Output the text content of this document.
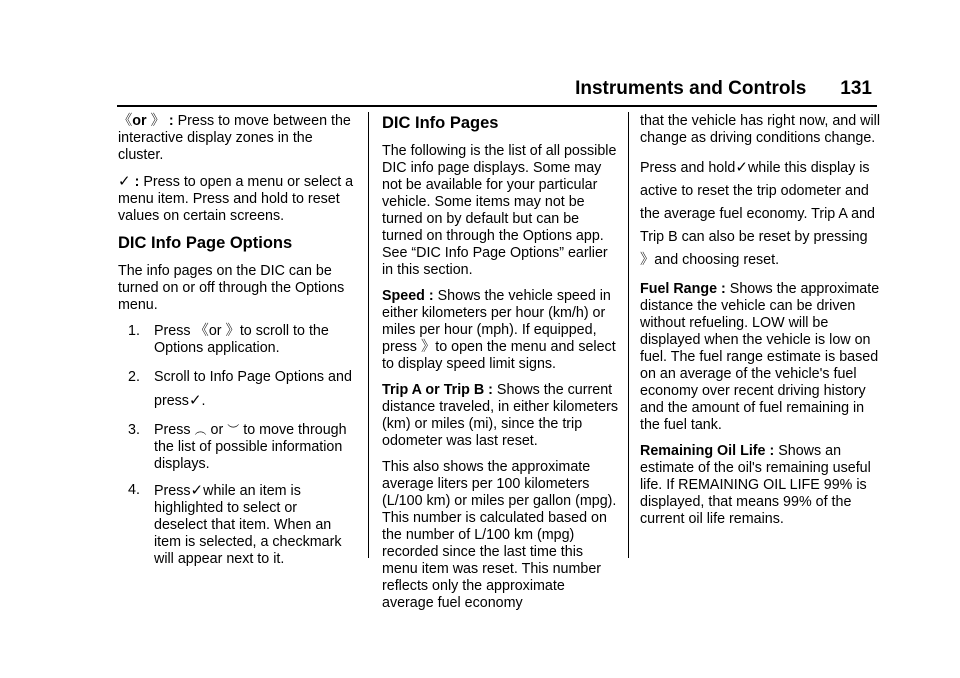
Instruments and Controls 131

《or 》 : Press to move between the interactive display zones in the cluster.

✓ : Press to open a menu or select a menu item. Press and hold to reset values on certain screens.

DIC Info Page Options

The info pages on the DIC can be turned on or off through the Options menu.

1. Press 《or 》to scroll to the Options application.
2. Scroll to Info Page Options and press✓.
3. Press ︵ or ︶ to move through the list of possible information displays.
4. Press✓while an item is highlighted to select or deselect that item. When an item is selected, a checkmark will appear next to it.
DIC Info Pages

The following is the list of all possible DIC info page displays. Some may not be available for your particular vehicle. Some items may not be turned on by default but can be turned on through the Options app. See “DIC Info Page Options” earlier in this section.

Speed : Shows the vehicle speed in either kilometers per hour (km/h) or miles per hour (mph). If equipped, press 》to open the menu and select to display speed limit signs.

Trip A or Trip B : Shows the current distance traveled, in either kilometers (km) or miles (mi), since the trip odometer was last reset.

This also shows the approximate average liters per 100 kilometers (L/100 km) or miles per gallon (mpg). This number is calculated based on the number of L/100 km (mpg) recorded since the last time this menu item was reset. This number reflects only the approximate average fuel economy

that the vehicle has right now, and will change as driving conditions change.

Press and hold✓while this display is active to reset the trip odometer and the average fuel economy. Trip A and Trip B can also be reset by pressing 》and choosing reset.

Fuel Range : Shows the approximate distance the vehicle can be driven without refueling. LOW will be displayed when the vehicle is low on fuel. The fuel range estimate is based on an average of the vehicle's fuel economy over recent driving history and the amount of fuel remaining in the fuel tank.

Remaining Oil Life : Shows an estimate of the oil's remaining useful life. If REMAINING OIL LIFE 99% is displayed, that means 99% of the current oil life remains.
